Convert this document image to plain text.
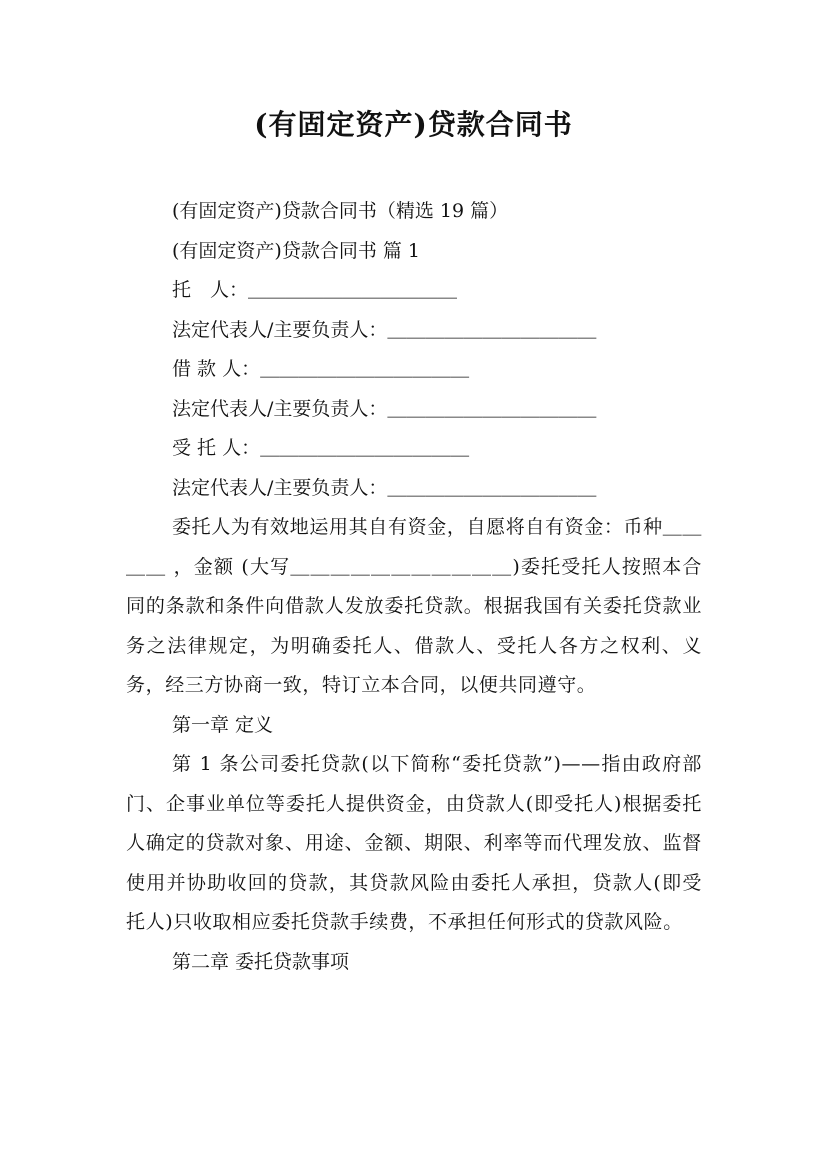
(有固定资产)贷款合同书

(有固定资产)贷款合同书（精选 19 篇）

(有固定资产)贷款合同书 篇 1

托　人：＿＿＿＿＿＿＿＿＿＿＿

法定代表人/主要负责人：＿＿＿＿＿＿＿＿＿＿＿

借 款 人：＿＿＿＿＿＿＿＿＿＿＿

法定代表人/主要负责人：＿＿＿＿＿＿＿＿＿＿＿

受 托 人：＿＿＿＿＿＿＿＿＿＿＿

法定代表人/主要负责人：＿＿＿＿＿＿＿＿＿＿＿

委托人为有效地运用其自有资金，自愿将自有资金：币种＿＿＿＿ ，金额 (大写＿＿＿＿＿＿＿＿＿＿＿)委托受托人按照本合同的条款和条件向借款人发放委托贷款。根据我国有关委托贷款业务之法律规定，为明确委托人、借款人、受托人各方之权利、义务，经三方协商一致，特订立本合同，以便共同遵守。

第一章 定义

第 1 条公司委托贷款(以下简称“委托贷款”)——指由政府部门、企事业单位等委托人提供资金，由贷款人(即受托人)根据委托人确定的贷款对象、用途、金额、期限、利率等而代理发放、监督使用并协助收回的贷款，其贷款风险由委托人承担，贷款人(即受托人)只收取相应委托贷款手续费，不承担任何形式的贷款风险。

第二章 委托贷款事项
